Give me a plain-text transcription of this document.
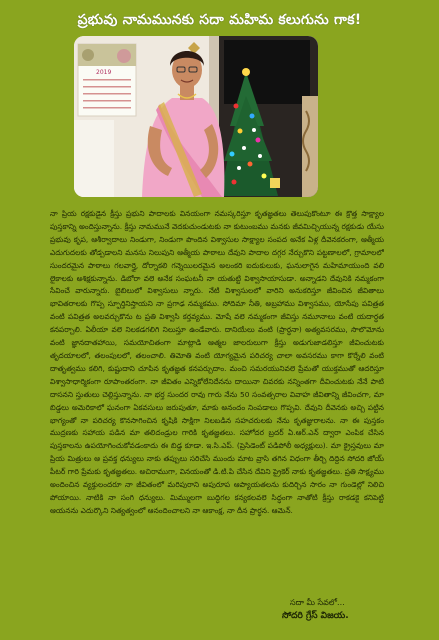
ప్రభువు నామమునకు సదా మహిమ కలుగును గాక!
2019

నా ప్రియ రక్షకుడైన క్రీస్తు ప్రభుని పాదాలకు వినయంగా నమస్కరిస్తూ కృతజ్ఞతలు తెలుపుకొంటూ ఈ క్రొత్త సాక్ష్యాల పుస్తకాన్ని అందిస్తున్నాను. క్రీస్తు నామమునే వెదకుచుండుటకు నా కుటుంబము మనకు జీవమిచ్చియున్న రక్షకుడు యేసు ప్రభువు కృప, ఆశీర్వాదాలు నిండుగా, నిండుగా పొందిన విశ్వాసుల సాక్ష్యాల సంపద అనేక ఏళ్ల దీవెనకరంగా, ఆత్మీయ ఎదుగుదలకు తోడ్పడాలని మనసు నిలుపుని ఆత్మీయ పాఠాలు దేవుని పాదాల దగ్గర నేర్చుకొని పట్టణాలలో, గ్రామాలలో సుందరమైన పాఠాలు గలవార్తై, దోర్నాకలి గన్నెయిలరమైన అలంకరి ఐదుకులుకు, ఘనులాగైన మహిమాయుంది వలి లైకాలకు అశిక్షకున్నాను. డిబోరా వలె అనేక సంఘటనీ నా యతుట్టి విశ్వాసాయాసుడా. అన్నాడని దేవునికి నమ్మకంగా సేవించే వారున్నారు. బైబిలులో విశ్వాసులు న్నారు. నేటి విశ్వాసులలో వారిని అనుకరిస్తూ జీవించిన జీవితాలు భావితరాలకు గొప్ప స్ఫూర్తినిస్తాయని నా ప్రగాఢ నమ్మకము. సోదిమా నీతి, అబ్రహాము విశ్వాసము, యోసేపు పవిత్రత వంటి పవిత్రత అలవర్చుకొను ట ప్రతి విశ్వాసి కర్తవ్యము. మోషే వలె నమ్మకంగా జీవిస్తు నమూనాలు వంటి యదార్థత కనపర్చాలి. ఏలీయా వలె నిలకడగలిగి నిలుస్తూ ఉండేవారు. దానియేలు వంటి (ప్రార్థనా) అత్యవసరము, సొలొమోను వంటి జ్ఞానదాతహాయి, సమయోచితంగా మాట్లాడి ఆత్మల జాలరులుగా క్రీస్తు అడుగుజాడలిస్తూ జీవించుటకు తృదయాలలో, తలంపులలో, తలంచాలి. తిమోతి వంటి యోగ్యమైన పరిచర్య చాలా అవసరము కాగా కొర్నేలి వంటి దాతృత్వము కలిగి, కుష్టుదాని చూపిన కృతజ్ఞత కనపర్చుదాం. మంచి సమరయునివలె ప్రేమతో యుక్తముతో ఆదరిస్తూ విశ్వాసాధార్మికంగా రూపాంతరంగా. నా జీవితం ఎన్నికోలేనిదేనను దాయినా చివరకు నన్నింతగా దీవించుటకు నేనే పాటి దాసనని స్తుతులు చెల్లిస్తున్నాను. నా భర్త సుందర రావు గారు నేను 50 సంవత్సరాల వివాహ జీవితాన్ని జీవించగా, మా బిడ్డలు అమెరికాలో ఘనంగా ఏకవసులు జరుపుతూ, మాకు అనందం నింపడాలు గొప్పవి. దేవుని దీవెనకు అచ్చి పట్టిన భాగ్యంతో నా పరిచర్య కొనసాగించిన కృషికి సాక్షిగా నిలబడిన సహచరులకు నేను కృతజ్ఞురాలను. నా ఈ పుస్తకం ముద్రణకు సహాయ పడిన మా తలిదండ్రుల గారికి కృతజ్ఞతలు. సహోదర బ్రదర్ ఏ.ఆర్.ఎన్ ద్వారా ఎంపిక చేసిన పుస్తకాలను ఉపయోగించుకోవడంకాదు ఈ బిడ్డ కూడా. ఇ.సి.ఎప్. (ప్రెసిడెంట్ పడిపోలీ అధ్యక్షులు). మా క్రైస్తవులు మా ప్రియ మిత్రులు ఆ ప్రవక్త ధన్యులు నాకు తప్పులు సరిచేసి ముందు మాట వ్రాసి తగిన విధంగా తీర్చి దిద్దిన సోదరి జోయ్ పీటర్ గారి ప్రేమకు కృతజ్ఞతలు. అచిరాముగా, వినయంతో డి.టి.పి చేసిన దేవిని ప్రైకెర్ నాకు కృతజ్ఞతలు. ప్రతి సాక్ష్యము అందించిన వ్యక్తులందరూ నా జీవితంలో మరిపురాని అపురూప ఆప్యాయతలను కుదిర్చిన సారం నా గుండెల్లో నిలిచి పోయాయి. నాటికి నా సంగి ధన్యులు. మిమ్ములగా బుద్ధిగల కన్యకలవలె సిద్ధంగా నాతోటి క్రీస్తు రాకడకై కనిపెట్టి ఆయనను ఎదుర్కొని నిత్యత్వంలో ఆనందించాలని నా ఆకాంక్ష, నా దీన ప్రార్థన. ఆమెన్.

సదా మీ సేవలో...
సోదరి గ్రేస్ విజయ.
